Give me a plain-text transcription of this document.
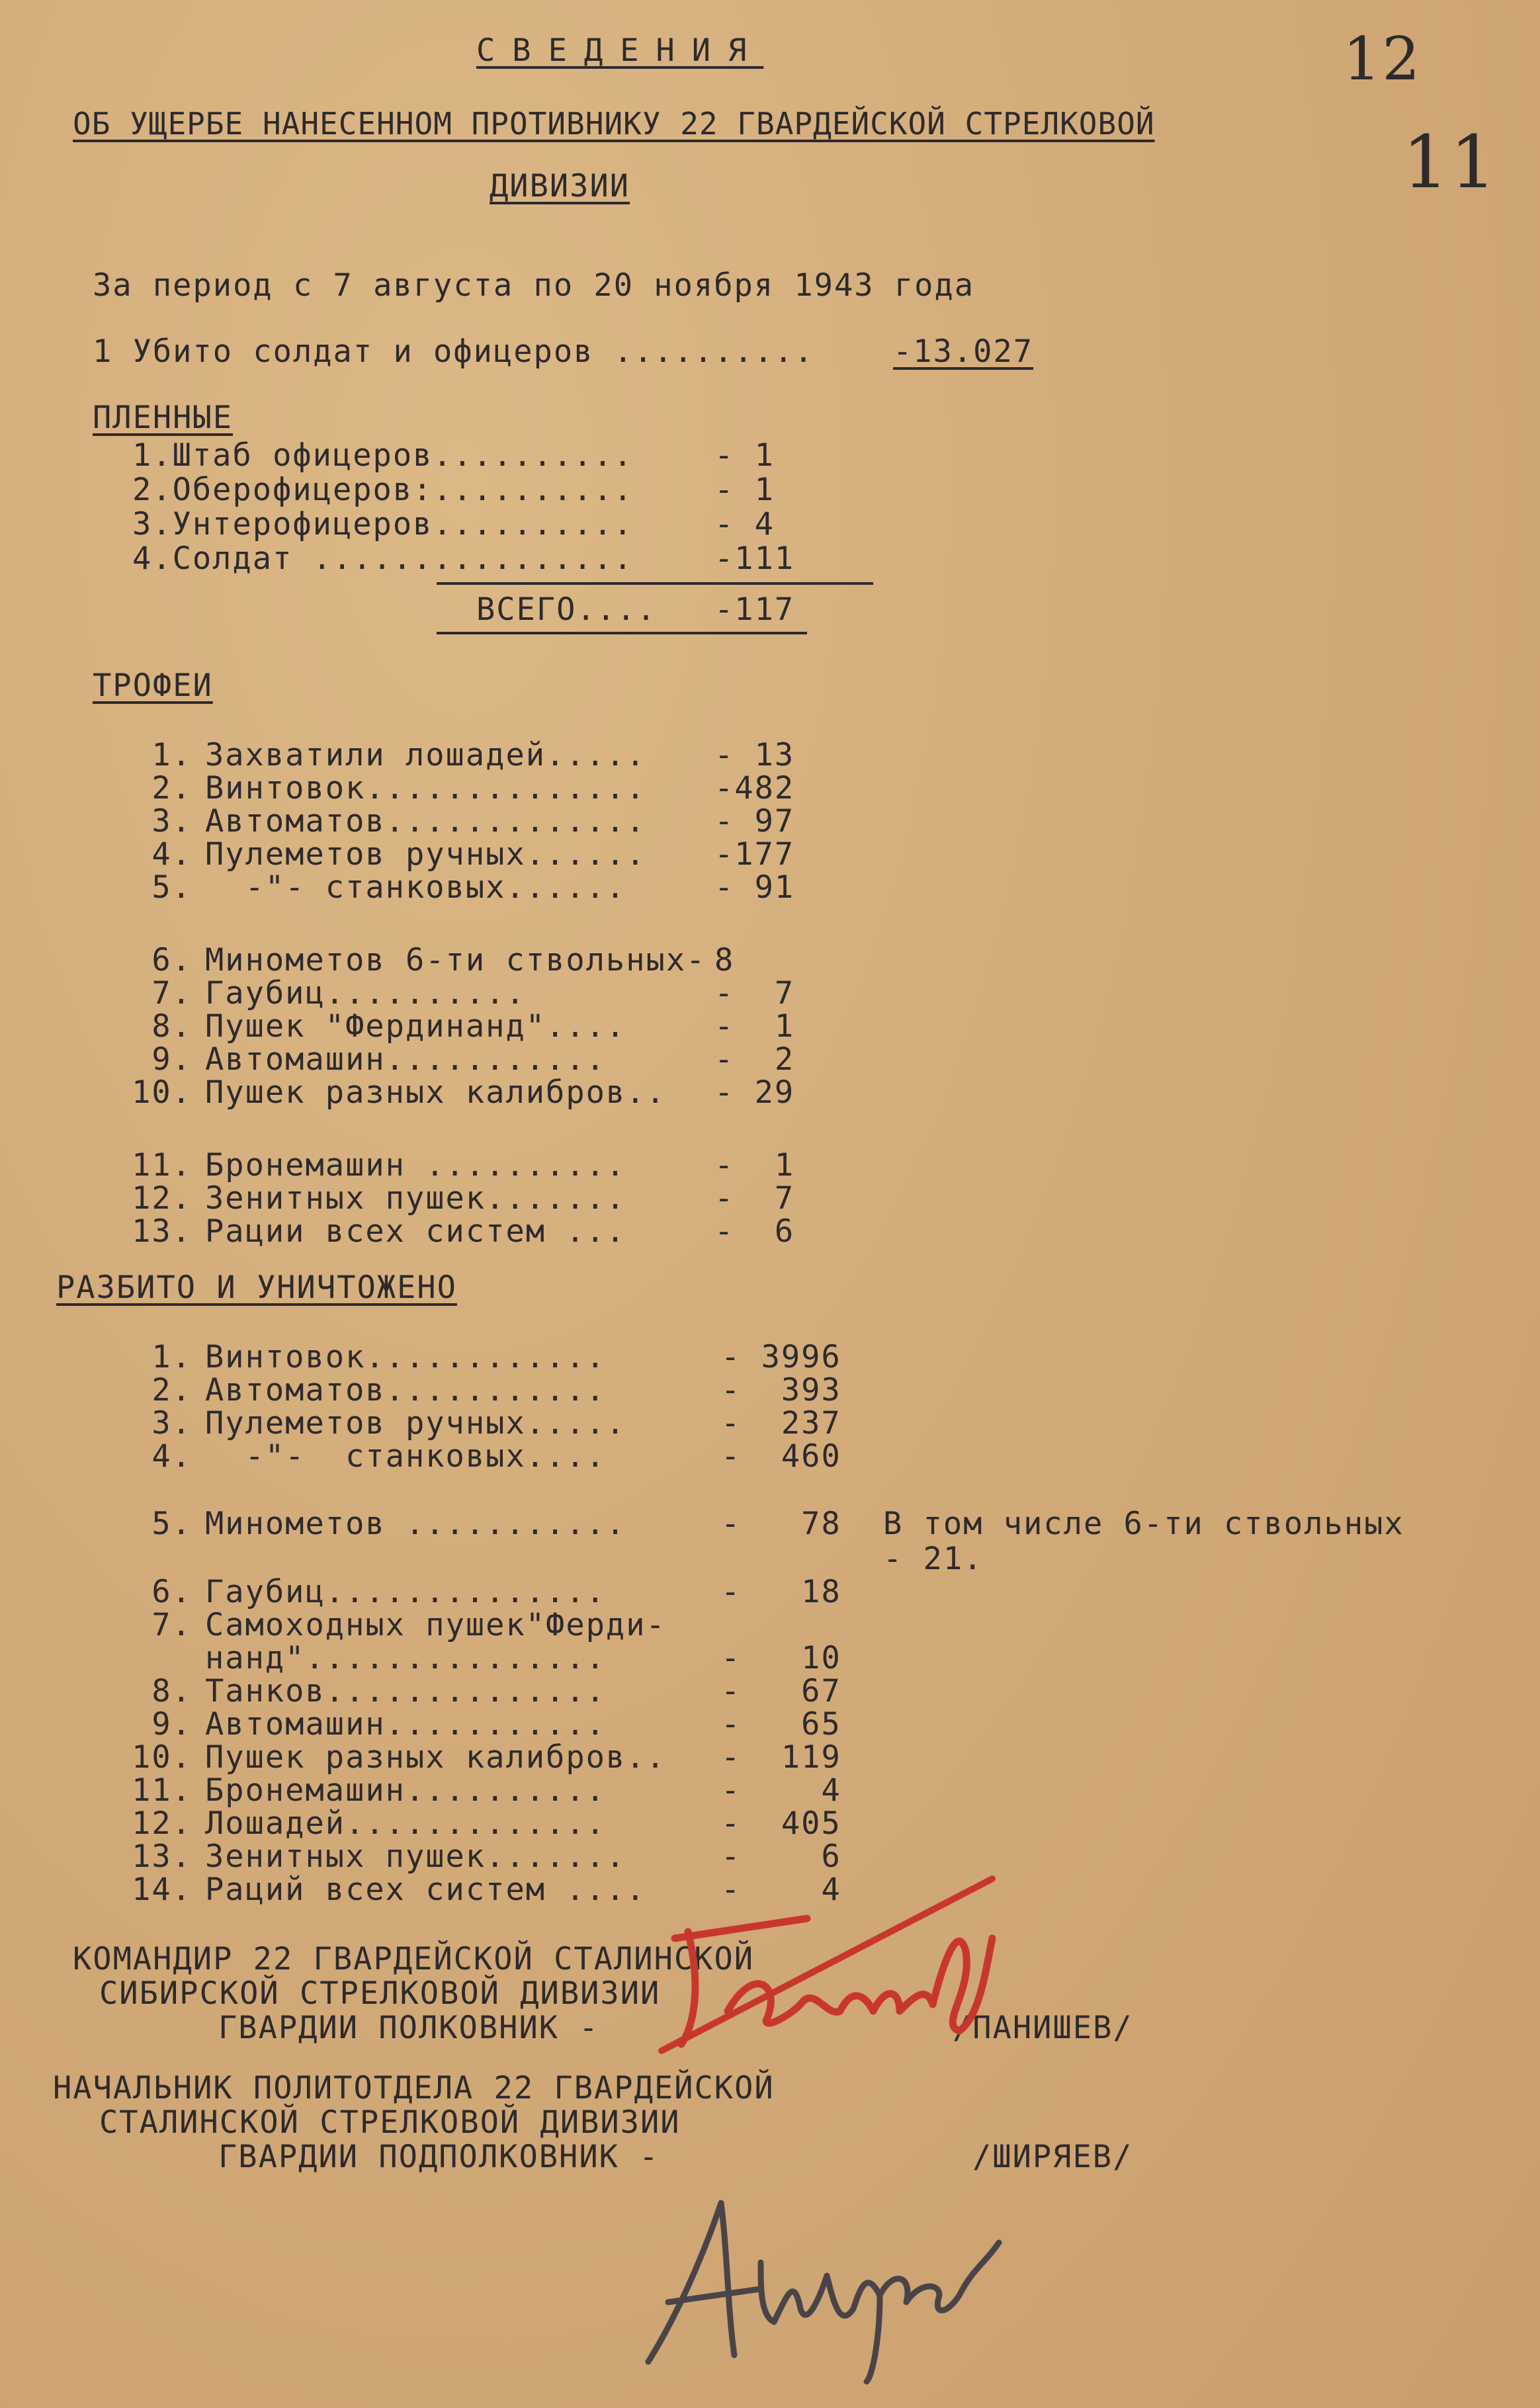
12
11
СВЕДЕНИЯ
ОБ УЩЕРБЕ НАНЕСЕННОМ ПРОТИВНИКУ 22 ГВАРДЕЙСКОЙ СТРЕЛКОВОЙ
ДИВИЗИИ
За период с 7 августа по 20 ноября 1943 года
1 Убито солдат и офицеров ..........	-13.027
ПЛЕННЫЕ
1.Штаб офицеров..........	- 1
2.Оберофицеров:..........	- 1
3.Унтерофицеров..........	- 4
4.Солдат ................	-111
ВСЕГО.... -117
ТРОФЕИ
1. Захватили лошадей..... - 13
2. Винтовок.............. -482
3. Автоматов............. - 97
4. Пулеметов ручных...... -177
5. -"- станковых......	- 91
6. Минометов 6-ти ствольных- 8
7. Гаубиц..........	-  7
8. Пушек "Фердинанд"....	-  1
9. Автомашин...........	-  2
10. Пушек разных калибров.. - 29
11. Бронемашин ..........	-  1
12. Зенитных пушек.......	-  7
13. Рации всех систем ...	-  6
РАЗБИТО И УНИЧТОЖЕНО
1. Винтовок............	- 3996
2. Автоматов...........	-  393
3. Пулеметов ручных.....	-  237
4. -"-  станковых....	-  460
5. Минометов ...........	-   78
6. Гаубиц..............	-   18
7. Самоходных пушек"Ферди-
нанд"...............	-   10
8. Танков..............	-   67
9. Автомашин...........	-   65
10. Пушек разных калибров.. -  119
11. Бронемашин..........	-    4
12. Лошадей.............	-  405
13. Зенитных пушек.......	-    6
14. Раций всех систем .... -    4
В том числе 6-ти ствольных
- 21.
КОМАНДИР 22 ГВАРДЕЙСКОЙ СТАЛИНСКОЙ
СИБИРСКОЙ СТРЕЛКОВОЙ ДИВИЗИИ
ГВАРДИИ ПОЛКОВНИК -	/ПАНИШЕВ/
НАЧАЛЬНИК ПОЛИТОТДЕЛА 22 ГВАРДЕЙСКОЙ
СТАЛИНСКОЙ СТРЕЛКОВОЙ ДИВИЗИИ
ГВАРДИИ ПОДПОЛКОВНИК -	/ШИРЯЕВ/
